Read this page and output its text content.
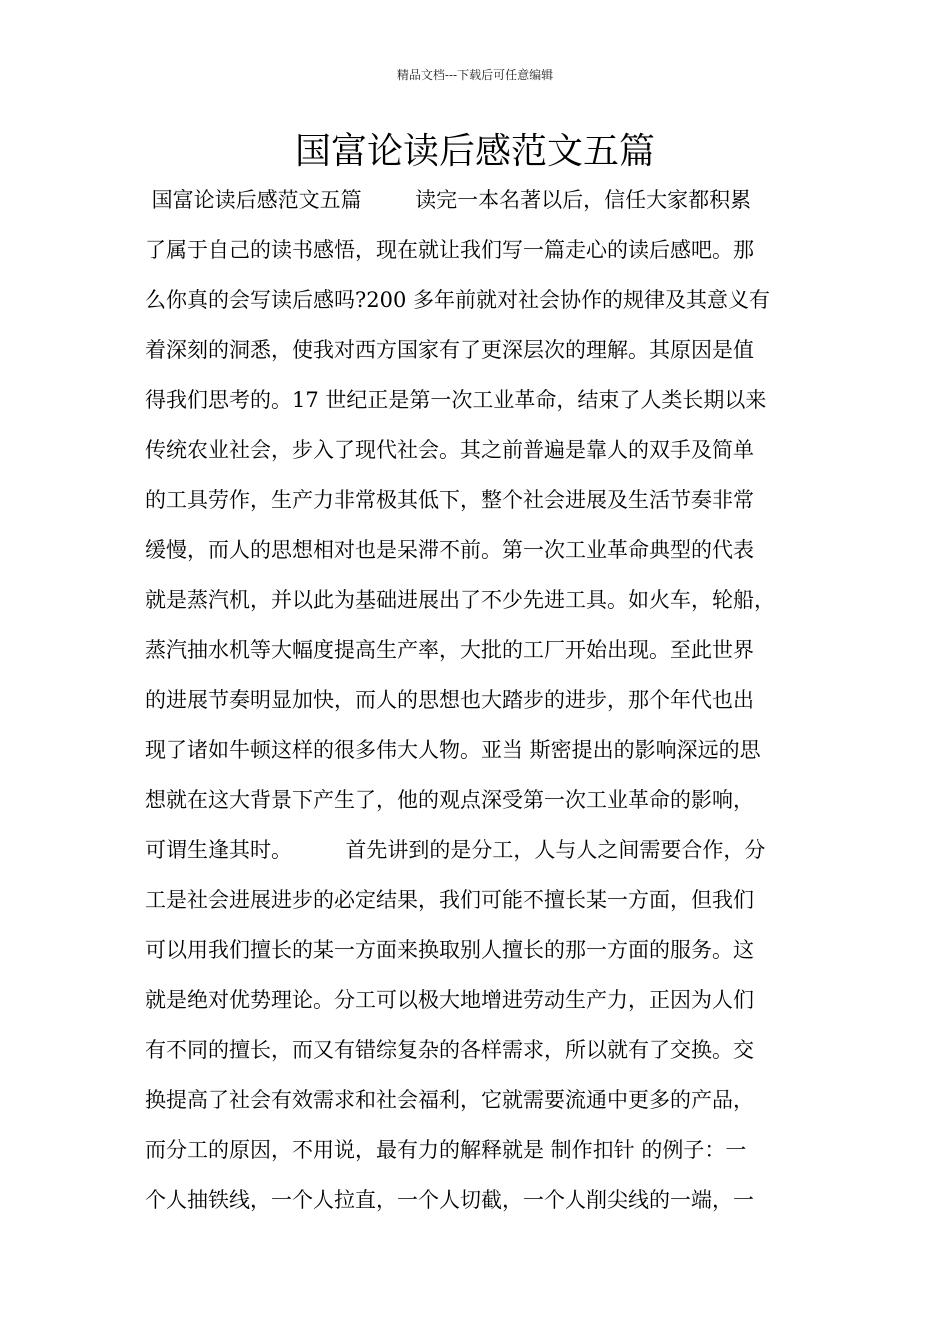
精品文档---下载后可任意编辑
国富论读后感范文五篇
国富论读后感范文五篇        读完一本名著以后，信任大家都积累
了属于自己的读书感悟，现在就让我们写一篇走心的读后感吧。那
么你真的会写读后感吗?200 多年前就对社会协作的规律及其意义有
着深刻的洞悉，使我对西方国家有了更深层次的理解。其原因是值
得我们思考的。17 世纪正是第一次工业革命，结束了人类长期以来
传统农业社会，步入了现代社会。其之前普遍是靠人的双手及简单
的工具劳作，生产力非常极其低下，整个社会进展及生活节奏非常
缓慢，而人的思想相对也是呆滞不前。第一次工业革命典型的代表
就是蒸汽机，并以此为基础进展出了不少先进工具。如火车，轮船，
蒸汽抽水机等大幅度提高生产率，大批的工厂开始出现。至此世界
的进展节奏明显加快，而人的思想也大踏步的进步，那个年代也出
现了诸如牛顿这样的很多伟大人物。亚当 斯密提出的影响深远的思
想就在这大背景下产生了，他的观点深受第一次工业革命的影响，
可谓生逢其时。        首先讲到的是分工，人与人之间需要合作，分
工是社会进展进步的必定结果，我们可能不擅长某一方面，但我们
可以用我们擅长的某一方面来换取别人擅长的那一方面的服务。这
就是绝对优势理论。分工可以极大地增进劳动生产力，正因为人们
有不同的擅长，而又有错综复杂的各样需求，所以就有了交换。交
换提高了社会有效需求和社会福利，它就需要流通中更多的产品，
而分工的原因，不用说，最有力的解释就是 制作扣针 的例子：一
个人抽铁线，一个人拉直，一个人切截，一个人削尖线的一端，一
